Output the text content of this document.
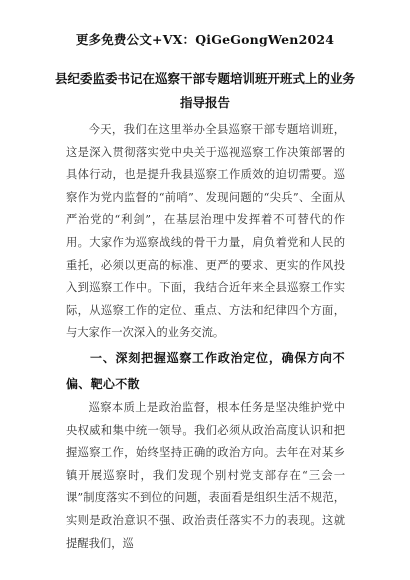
更多免费公文+VX：QiGeGongWen2024
县纪委监委书记在巡察干部专题培训班开班式上的业务指导报告

今天，我们在这里举办全县巡察干部专题培训班，这是深入贯彻落实党中央关于巡视巡察工作决策部署的具体行动，也是提升我县巡察工作质效的迫切需要。巡察作为党内监督的“前哨”、发现问题的“尖兵”、全面从严治党的“利剑”，在基层治理中发挥着不可替代的作用。大家作为巡察战线的骨干力量，肩负着党和人民的重托，必须以更高的标准、更严的要求、更实的作风投入到巡察工作中。下面，我结合近年来全县巡察工作实际，从巡察工作的定位、重点、方法和纪律四个方面，与大家作一次深入的业务交流。

一、深刻把握巡察工作政治定位，确保方向不偏、靶心不散

巡察本质上是政治监督，根本任务是坚决维护党中央权威和集中统一领导。我们必须从政治高度认识和把握巡察工作，始终坚持正确的政治方向。去年在对某乡镇开展巡察时，我们发现个别村党支部存在“三会一课”制度落实不到位的问题，表面看是组织生活不规范，实则是政治意识不强、政治责任落实不力的表现。这就提醒我们，巡
